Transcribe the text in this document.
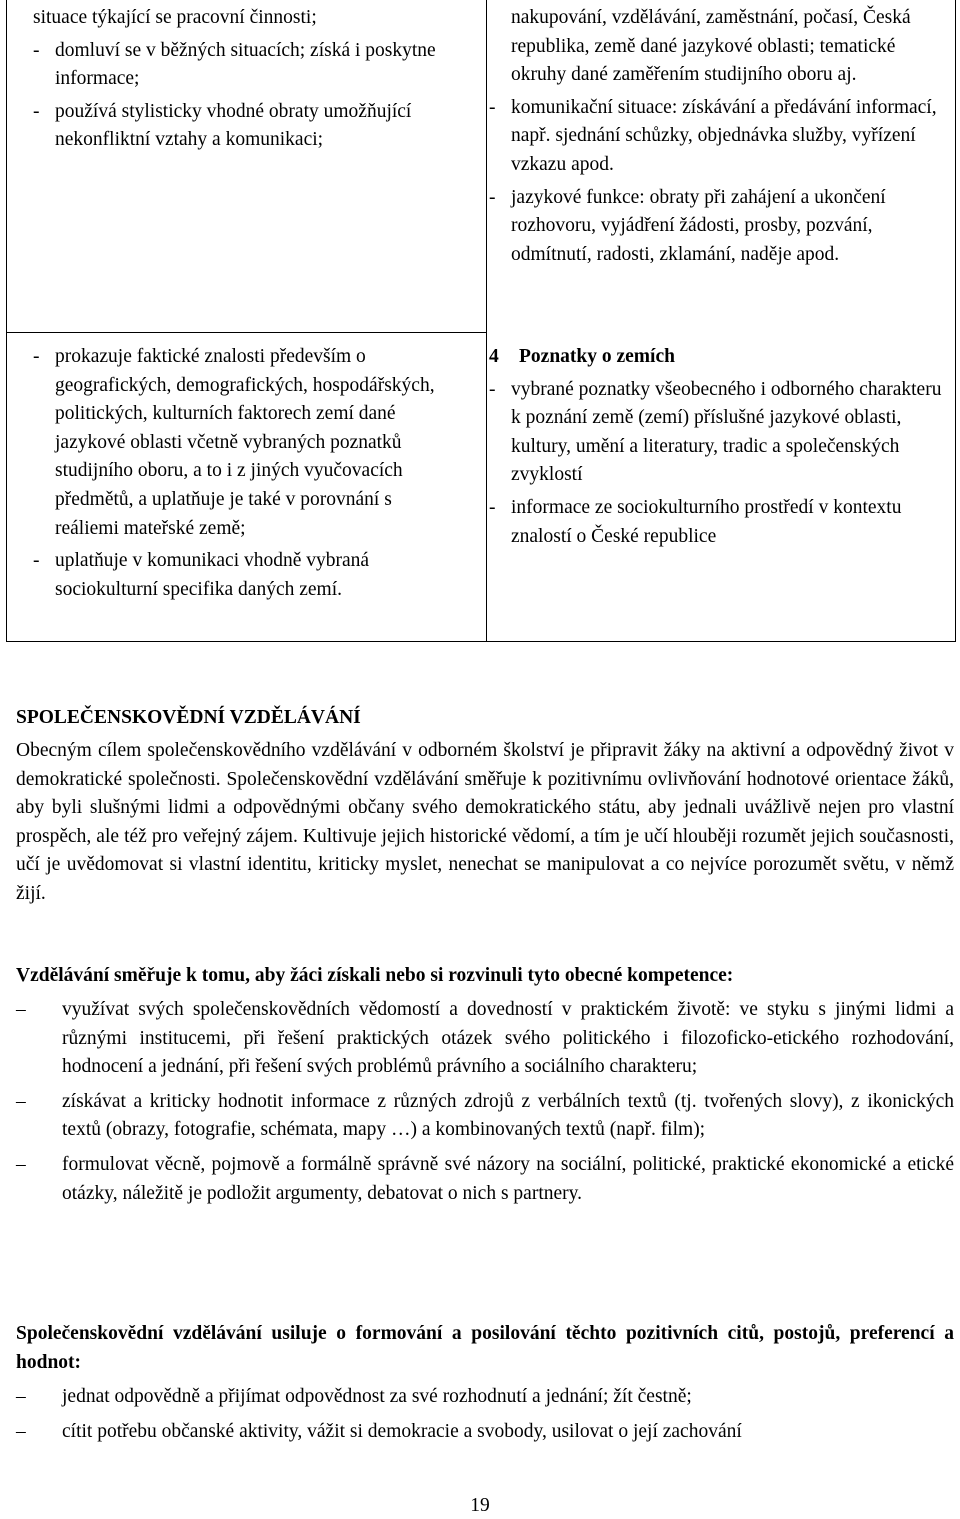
situace týkající se pracovní činnosti;
- domluví se v běžných situacích; získá i poskytne informace;
- používá stylisticky vhodné obraty umožňující nekonfliktní vztahy a komunikaci;
- prokazuje faktické znalosti především o geografických, demografických, hospodářských, politických, kulturních faktorech zemí dané jazykové oblasti včetně vybraných poznatků studijního oboru, a to i z jiných vyučovacích předmětů, a uplatňuje je také v porovnání s reáliemi mateřské země;
- uplatňuje v komunikaci vhodně vybraná sociokulturní specifika daných zemí.
nakupování, vzdělávání, zaměstnání, počasí, Česká republika, země dané jazykové oblasti; tematické okruhy dané zaměřením studijního oboru aj.
- komunikační situace: získávání a předávání informací, např. sjednání schůzky, objednávka služby, vyřízení vzkazu apod.
- jazykové funkce: obraty při zahájení a ukončení rozhovoru, vyjádření žádosti, prosby, pozvání, odmítnutí, radosti, zklamání, naděje apod.
4 Poznatky o zemích
- vybrané poznatky všeobecného i odborného charakteru k poznání země (zemí) příslušné jazykové oblasti, kultury, umění a literatury, tradic a společenských zvyklostí
- informace ze sociokulturního prostředí v kontextu znalostí o České republice
SPOLEČENSKOVĚDNÍ VZDĚLÁVÁNÍ
Obecným cílem společenskovědního vzdělávání v odborném školství je připravit žáky na aktivní a odpovědný život v demokratické společnosti. Společenskovědní vzdělávání směřuje k pozitivnímu ovlivňování hodnotové orientace žáků, aby byli slušnými lidmi a odpovědnými občany svého demokratického státu, aby jednali uvážlivě nejen pro vlastní prospěch, ale též pro veřejný zájem. Kultivuje jejich historické vědomí, a tím je učí hlouběji rozumět jejich současnosti, učí je uvědomovat si vlastní identitu, kriticky myslet, nenechat se manipulovat a co nejvíce porozumět světu, v němž žijí.
Vzdělávání směřuje k tomu, aby žáci získali nebo si rozvinuli tyto obecné kompetence:
– využívat svých společenskovědních vědomostí a dovedností v praktickém životě: ve styku s jinými lidmi a různými institucemi, při řešení praktických otázek svého politického i filozoficko-etického rozhodování, hodnocení a jednání, při řešení svých problémů právního a sociálního charakteru;
– získávat a kriticky hodnotit informace z různých zdrojů z verbálních textů (tj. tvořených slovy), z ikonických textů (obrazy, fotografie, schémata, mapy …) a kombinovaných textů (např. film);
– formulovat věcně, pojmově a formálně správně své názory na sociální, politické, praktické ekonomické a etické otázky, náležitě je podložit argumenty, debatovat o nich s partnery.
Společenskovědní vzdělávání usiluje o formování a posilování těchto pozitivních citů, postojů, preferencí a hodnot:
– jednat odpovědně a přijímat odpovědnost za své rozhodnutí a jednání; žít čestně;
– cítit potřebu občanské aktivity, vážit si demokracie a svobody, usilovat o její zachování
19
